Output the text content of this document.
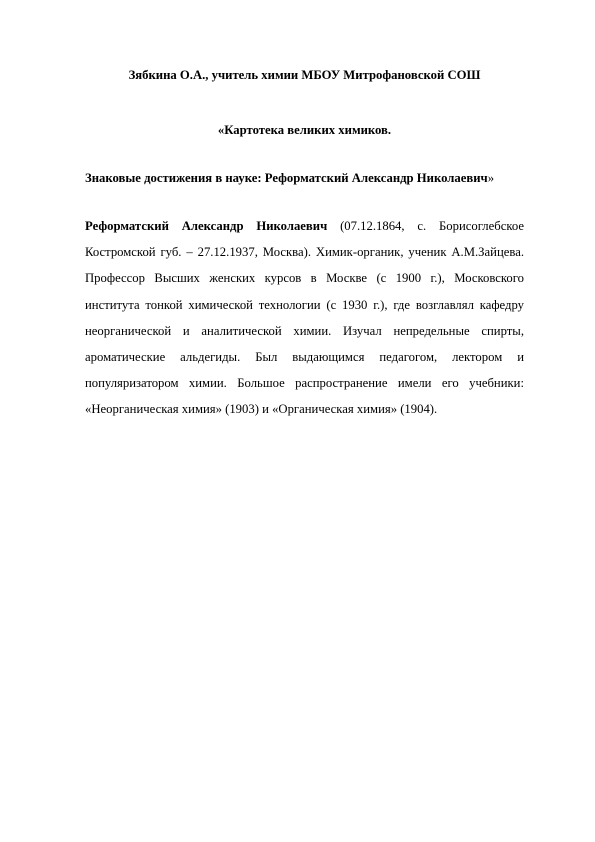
Зябкина О.А., учитель химии МБОУ Митрофановской СОШ
«Картотека великих химиков.
Знаковые достижения в науке: Реформатский Александр Николаевич»

Реформатский Александр Николаевич (07.12.1864, с. Борисоглебское Костромской губ. – 27.12.1937, Москва). Химик-органик, ученик А.М.Зайцева. Профессор Высших женских курсов в Москве (с 1900 г.), Московского института тонкой химической технологии (с 1930 г.), где возглавлял кафедру неорганической и аналитической химии. Изучал непредельные спирты, ароматические альдегиды. Был выдающимся педагогом, лектором и популяризатором химии. Большое распространение имели его учебники: «Неорганическая химия» (1903) и «Органическая химия» (1904).
